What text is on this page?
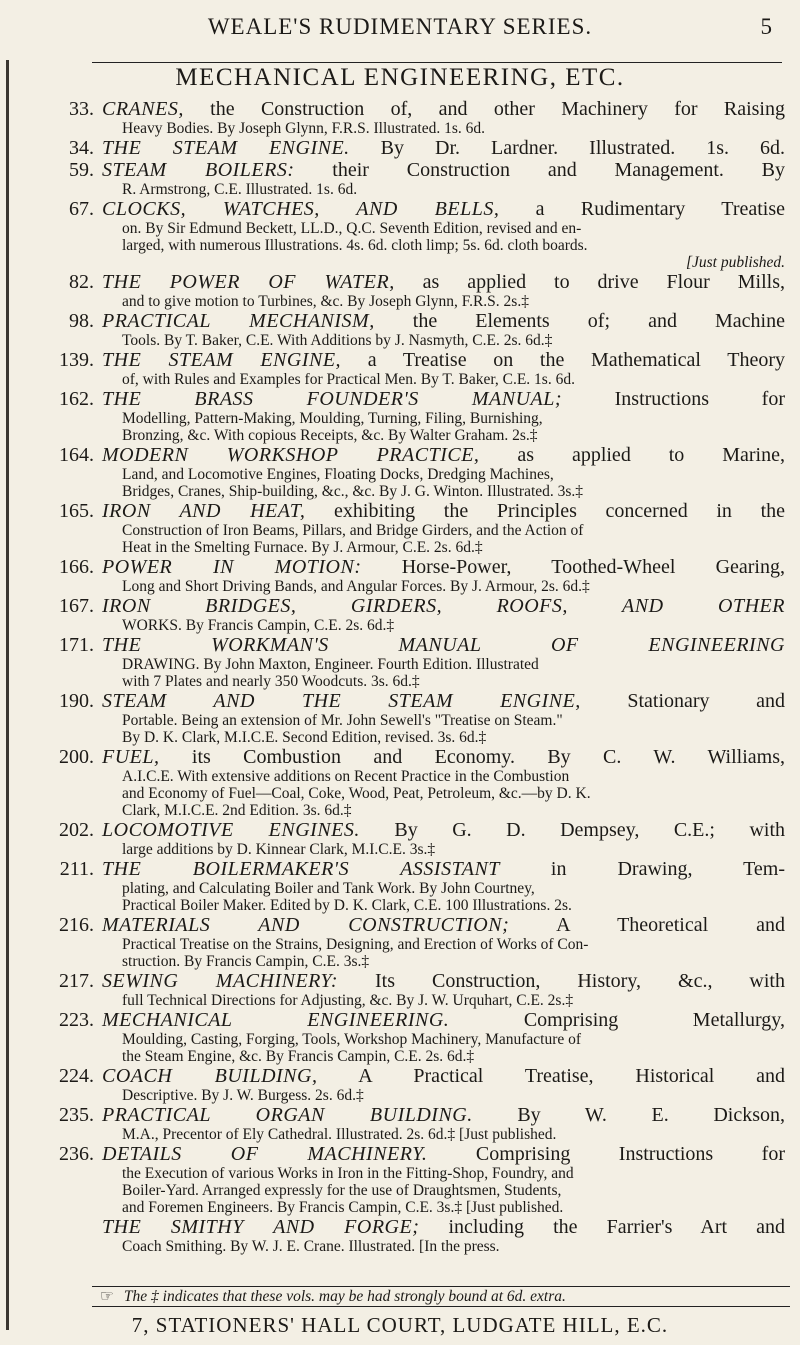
WEALE'S RUDIMENTARY SERIES.	5
MECHANICAL ENGINEERING, ETC.
33. CRANES, the Construction of, and other Machinery for Raising
Heavy Bodies. By Joseph Glynn, F.R.S. Illustrated. 1s. 6d.
34. THE STEAM ENGINE. By Dr. Lardner. Illustrated. 1s. 6d.
59. STEAM BOILERS: their Construction and Management. By
R. Armstrong, C.E. Illustrated. 1s. 6d.
67. CLOCKS, WATCHES, AND BELLS, a Rudimentary Treatise
on. By Sir Edmund Beckett, LL.D., Q.C. Seventh Edition, revised and en-
larged, with numerous Illustrations. 4s. 6d. cloth limp; 5s. 6d. cloth boards.
[Just published.
82. THE POWER OF WATER, as applied to drive Flour Mills,
and to give motion to Turbines, &c. By Joseph Glynn, F.R.S. 2s.‡
98. PRACTICAL MECHANISM, the Elements of; and Machine
Tools. By T. Baker, C.E. With Additions by J. Nasmyth, C.E. 2s. 6d.‡
139. THE STEAM ENGINE, a Treatise on the Mathematical Theory
of, with Rules and Examples for Practical Men. By T. Baker, C.E. 1s. 6d.
162. THE BRASS FOUNDER'S MANUAL; Instructions for
Modelling, Pattern-Making, Moulding, Turning, Filing, Burnishing,
Bronzing, &c. With copious Receipts, &c. By Walter Graham. 2s.‡
164. MODERN WORKSHOP PRACTICE, as applied to Marine,
Land, and Locomotive Engines, Floating Docks, Dredging Machines,
Bridges, Cranes, Ship-building, &c., &c. By J. G. Winton. Illustrated. 3s.‡
165. IRON AND HEAT, exhibiting the Principles concerned in the
Construction of Iron Beams, Pillars, and Bridge Girders, and the Action of
Heat in the Smelting Furnace. By J. Armour, C.E. 2s. 6d.‡
166. POWER IN MOTION: Horse-Power, Toothed-Wheel Gearing,
Long and Short Driving Bands, and Angular Forces. By J. Armour, 2s. 6d.‡
167. IRON BRIDGES, GIRDERS, ROOFS, AND OTHER
WORKS. By Francis Campin, C.E. 2s. 6d.‡
171. THE WORKMAN'S MANUAL OF ENGINEERING
DRAWING. By John Maxton, Engineer. Fourth Edition. Illustrated
with 7 Plates and nearly 350 Woodcuts. 3s. 6d.‡
190. STEAM AND THE STEAM ENGINE, Stationary and
Portable. Being an extension of Mr. John Sewell's "Treatise on Steam."
By D. K. Clark, M.I.C.E. Second Edition, revised. 3s. 6d.‡
200. FUEL, its Combustion and Economy. By C. W. Williams,
A.I.C.E. With extensive additions on Recent Practice in the Combustion
and Economy of Fuel—Coal, Coke, Wood, Peat, Petroleum, &c.—by D. K.
Clark, M.I.C.E. 2nd Edition. 3s. 6d.‡
202. LOCOMOTIVE ENGINES. By G. D. Dempsey, C.E.; with
large additions by D. Kinnear Clark, M.I.C.E. 3s.‡
211. THE BOILERMAKER'S ASSISTANT in Drawing, Tem-
plating, and Calculating Boiler and Tank Work. By John Courtney,
Practical Boiler Maker. Edited by D. K. Clark, C.E. 100 Illustrations. 2s.
216. MATERIALS AND CONSTRUCTION; A Theoretical and
Practical Treatise on the Strains, Designing, and Erection of Works of Con-
struction. By Francis Campin, C.E. 3s.‡
217. SEWING MACHINERY: Its Construction, History, &c., with
full Technical Directions for Adjusting, &c. By J. W. Urquhart, C.E. 2s.‡
223. MECHANICAL ENGINEERING. Comprising Metallurgy,
Moulding, Casting, Forging, Tools, Workshop Machinery, Manufacture of
the Steam Engine, &c. By Francis Campin, C.E. 2s. 6d.‡
224. COACH BUILDING, A Practical Treatise, Historical and
Descriptive. By J. W. Burgess. 2s. 6d.‡
235. PRACTICAL ORGAN BUILDING. By W. E. Dickson,
M.A., Precentor of Ely Cathedral. Illustrated. 2s. 6d.‡ [Just published.
236. DETAILS OF MACHINERY. Comprising Instructions for
the Execution of various Works in Iron in the Fitting-Shop, Foundry, and
Boiler-Yard. Arranged expressly for the use of Draughtsmen, Students,
and Foremen Engineers. By Francis Campin, C.E. 3s.‡ [Just published.
THE SMITHY AND FORGE; including the Farrier's Art and
Coach Smithing. By W. J. E. Crane. Illustrated. [In the press.
☞ The ‡ indicates that these vols. may be had strongly bound at 6d. extra.
7, STATIONERS' HALL COURT, LUDGATE HILL, E.C.
